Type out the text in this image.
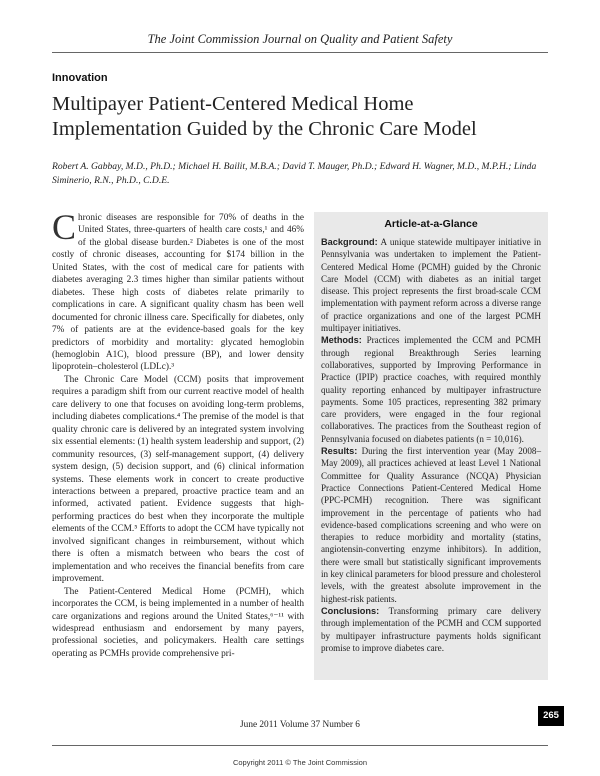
The Joint Commission Journal on Quality and Patient Safety
Innovation
Multipayer Patient-Centered Medical Home Implementation Guided by the Chronic Care Model
Robert A. Gabbay, M.D., Ph.D.; Michael H. Bailit, M.B.A.; David T. Mauger, Ph.D.; Edward H. Wagner, M.D., M.P.H.; Linda Siminerio, R.N., Ph.D., C.D.E.

Chronic diseases are responsible for 70% of deaths in the United States, three-quarters of health care costs,¹ and 46% of the global disease burden.² Diabetes is one of the most costly of chronic diseases, accounting for $174 billion in the United States, with the cost of medical care for patients with diabetes averaging 2.3 times higher than similar patients without diabetes. These high costs of diabetes relate primarily to complications in care. A significant quality chasm has been well documented for chronic illness care. Specifically for diabetes, only 7% of patients are at the evidence-based goals for the key predictors of morbidity and mortality: glycated hemoglobin (hemoglobin A1C), blood pressure (BP), and lower density lipoprotein–cholesterol (LDLc).³

The Chronic Care Model (CCM) posits that improvement requires a paradigm shift from our current reactive model of health care delivery to one that focuses on avoiding long-term problems, including diabetes complications.⁴ The premise of the model is that quality chronic care is delivered by an integrated system involving six essential elements: (1) health system leadership and support, (2) community resources, (3) self-management support, (4) delivery system design, (5) decision support, and (6) clinical information systems. These elements work in concert to create productive interactions between a prepared, proactive practice team and an informed, activated patient. Evidence suggests that high-performing practices do best when they incorporate the multiple elements of the CCM.⁵ Efforts to adopt the CCM have typically not involved significant changes in reimbursement, without which there is often a mismatch between who bears the cost of implementation and who receives the financial benefits from care improvement.

The Patient-Centered Medical Home (PCMH), which incorporates the CCM, is being implemented in a number of health care organizations and regions around the United States,⁶⁻¹¹ with widespread enthusiasm and endorsement by many payers, professional societies, and policymakers. Health care settings operating as PCMHs provide comprehensive pri-

Article-at-a-Glance

Background: A unique statewide multipayer initiative in Pennsylvania was undertaken to implement the Patient-Centered Medical Home (PCMH) guided by the Chronic Care Model (CCM) with diabetes as an initial target disease. This project represents the first broad-scale CCM implementation with payment reform across a diverse range of practice organizations and one of the largest PCMH multipayer initiatives.

Methods: Practices implemented the CCM and PCMH through regional Breakthrough Series learning collaboratives, supported by Improving Performance in Practice (IPIP) practice coaches, with required monthly quality reporting enhanced by multipayer infrastructure payments. Some 105 practices, representing 382 primary care providers, were engaged in the four regional collaboratives. The practices from the Southeast region of Pennsylvania focused on diabetes patients (n = 10,016).

Results: During the first intervention year (May 2008–May 2009), all practices achieved at least Level 1 National Committee for Quality Assurance (NCQA) Physician Practice Connections Patient-Centered Medical Home (PPC-PCMH) recognition. There was significant improvement in the percentage of patients who had evidence-based complications screening and who were on therapies to reduce morbidity and mortality (statins, angiotensin-converting enzyme inhibitors). In addition, there were small but statistically significant improvements in key clinical parameters for blood pressure and cholesterol levels, with the greatest absolute improvement in the highest-risk patients.

Conclusions: Transforming primary care delivery through implementation of the PCMH and CCM supported by multipayer infrastructure payments holds significant promise to improve diabetes care.

June 2011 Volume 37 Number 6
265
Copyright 2011 © The Joint Commission
